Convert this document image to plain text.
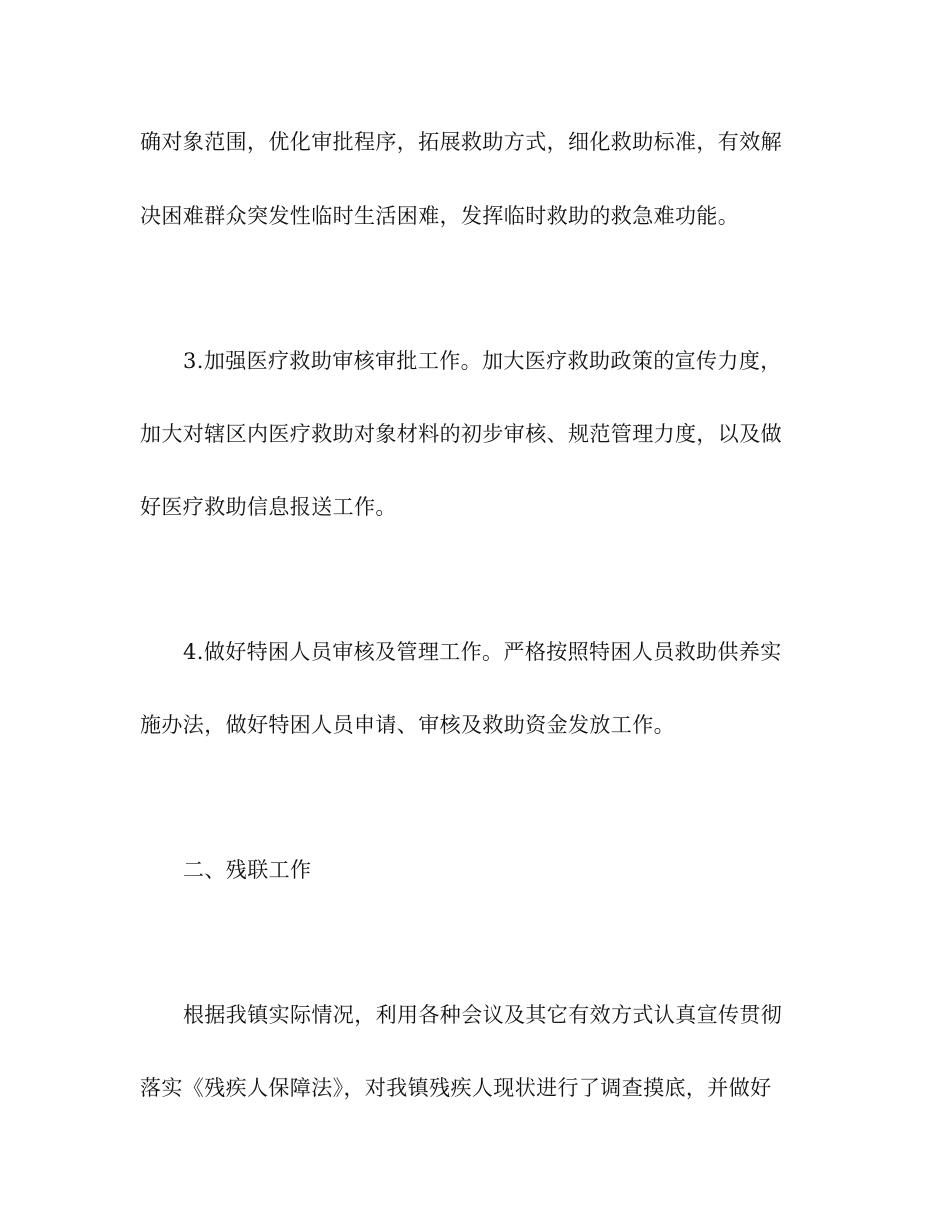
确对象范围，优化审批程序，拓展救助方式，细化救助标准，有效解
决困难群众突发性临时生活困难，发挥临时救助的救急难功能。
3.加强医疗救助审核审批工作。加大医疗救助政策的宣传力度，
加大对辖区内医疗救助对象材料的初步审核、规范管理力度，以及做
好医疗救助信息报送工作。
4.做好特困人员审核及管理工作。严格按照特困人员救助供养实
施办法，做好特困人员申请、审核及救助资金发放工作。
二、残联工作
根据我镇实际情况，利用各种会议及其它有效方式认真宣传贯彻
落实《残疾人保障法》，对我镇残疾人现状进行了调查摸底，并做好
